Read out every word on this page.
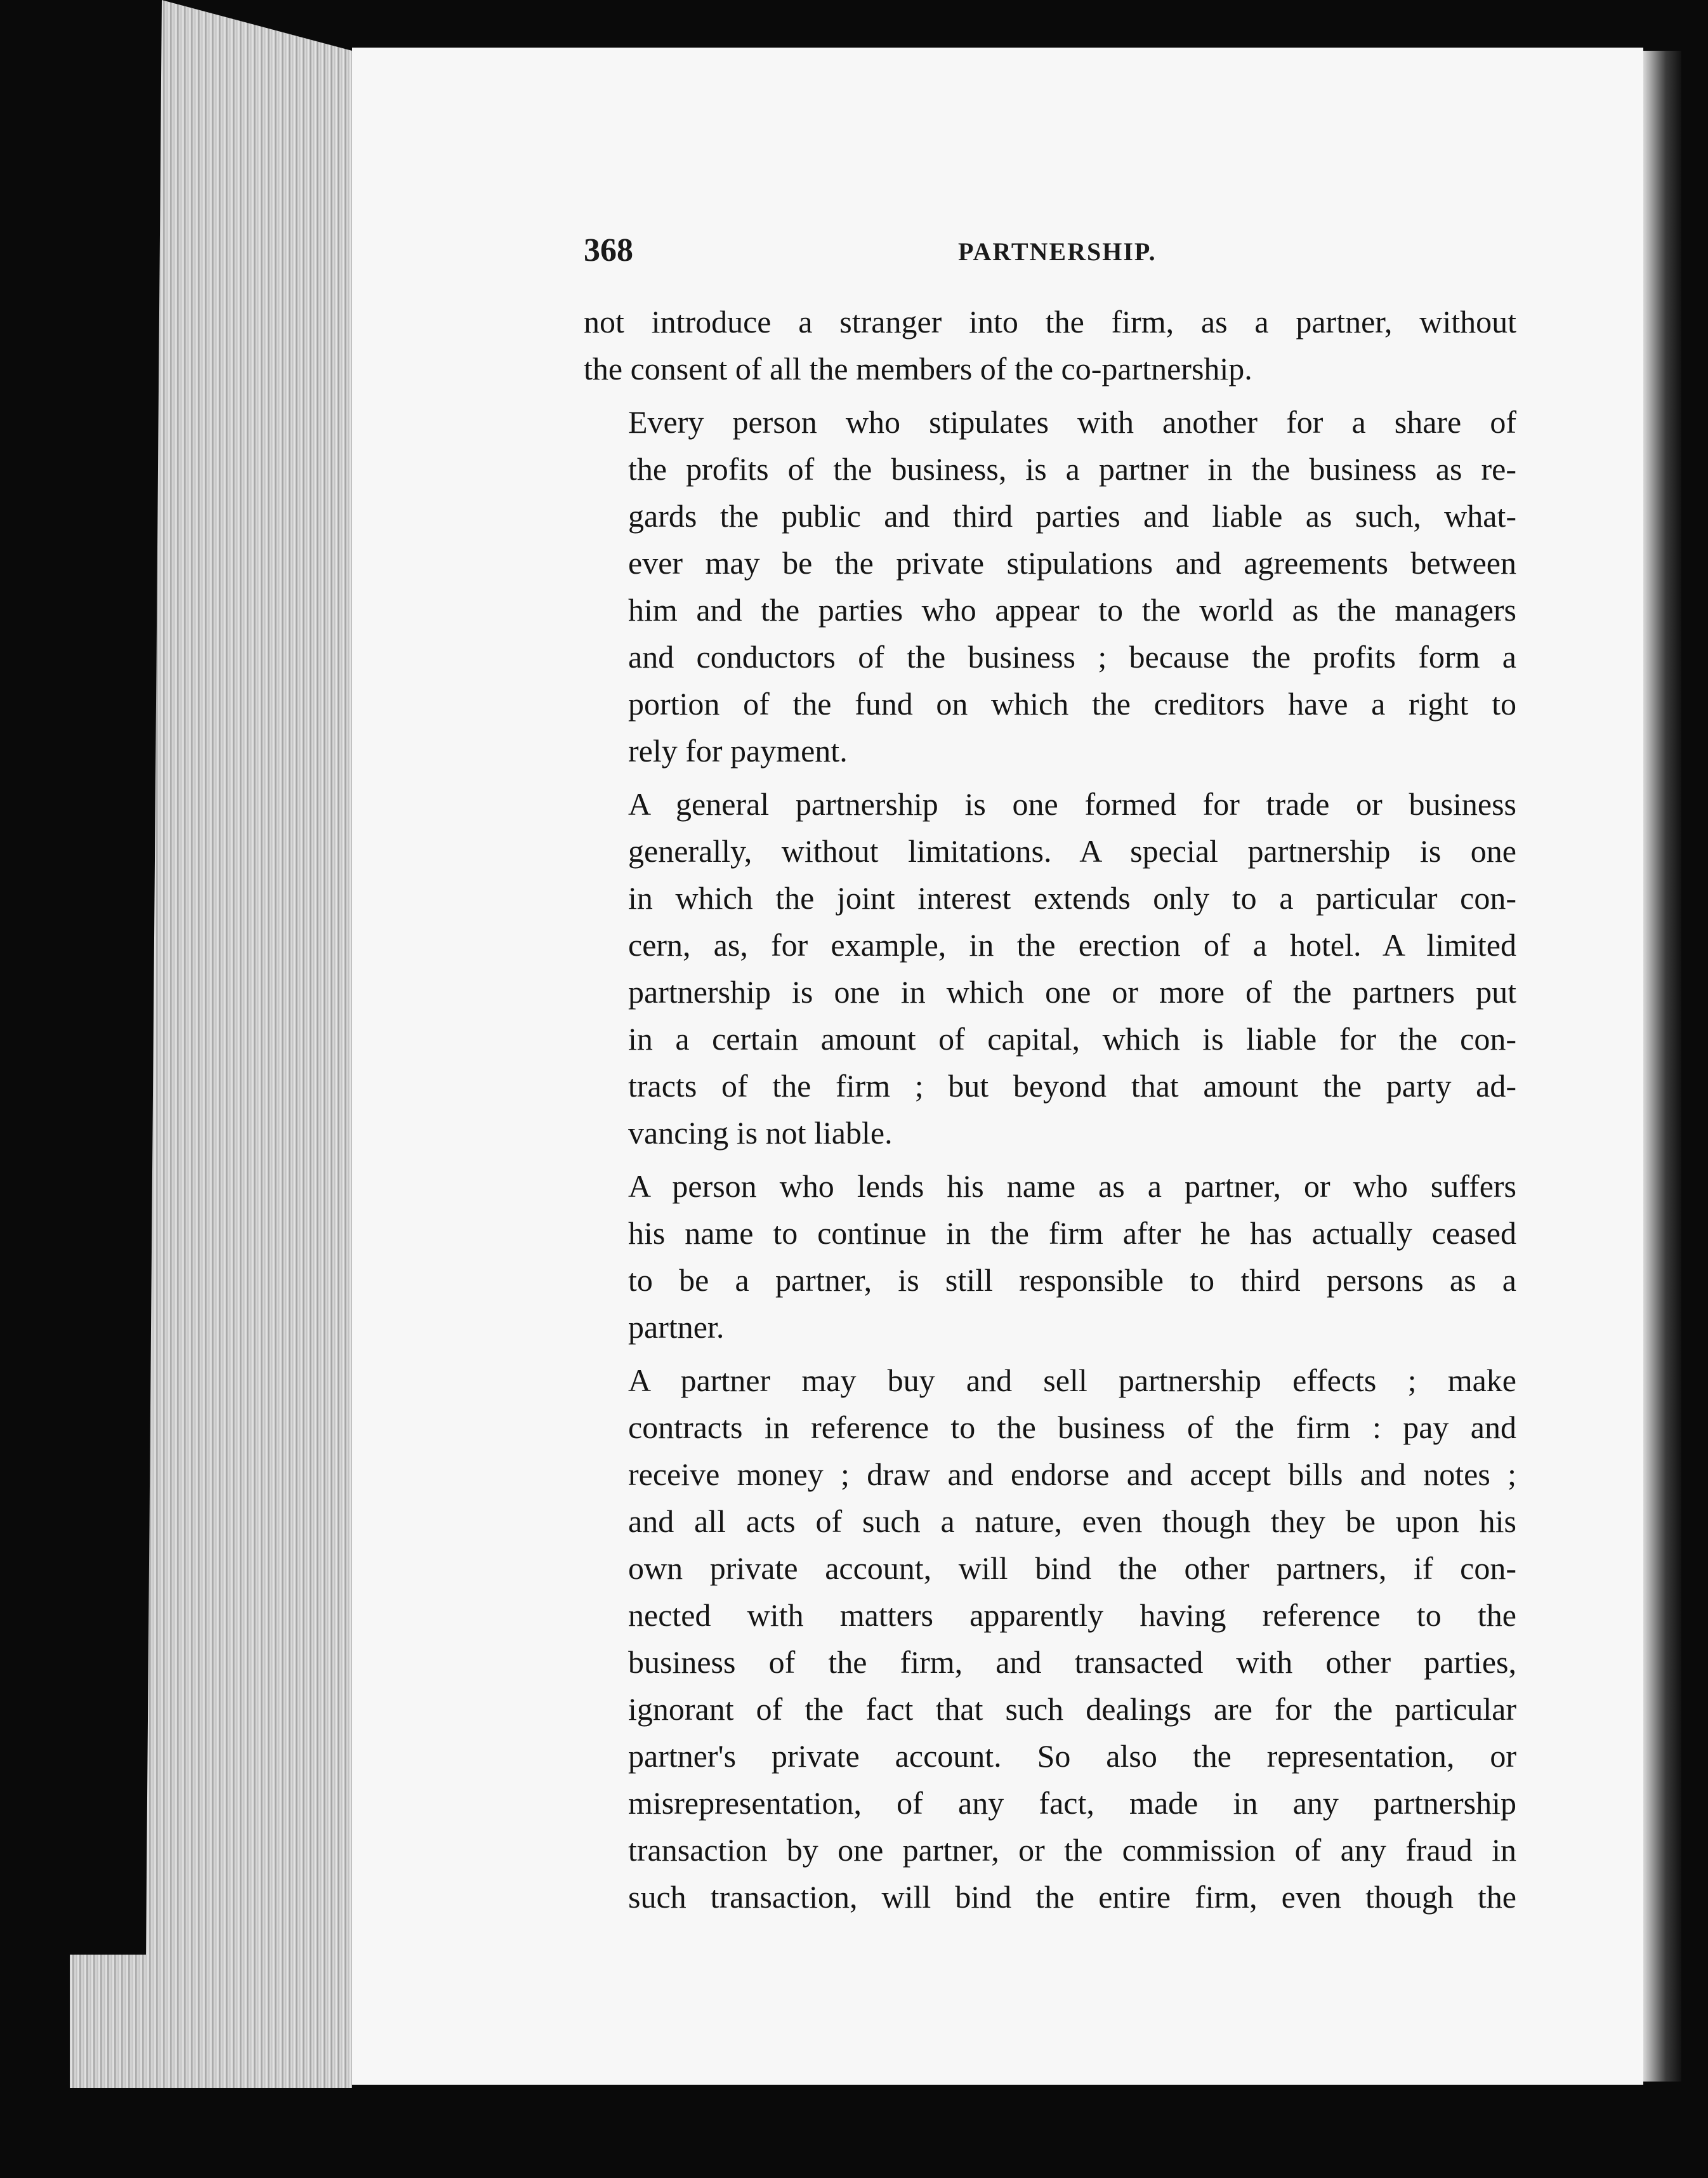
368	PARTNERSHIP.

not introduce a stranger into the firm, as a partner, without
the consent of all the members of the co-partnership.

Every person who stipulates with another for a share of
the profits of the business, is a partner in the business as re-
gards the public and third parties and liable as such, what-
ever may be the private stipulations and agreements between
him and the parties who appear to the world as the managers
and conductors of the business ; because the profits form a
portion of the fund on which the creditors have a right to
rely for payment.

A general partnership is one formed for trade or business
generally, without limitations. A special partnership is one
in which the joint interest extends only to a particular con-
cern, as, for example, in the erection of a hotel. A limited
partnership is one in which one or more of the partners put
in a certain amount of capital, which is liable for the con-
tracts of the firm ; but beyond that amount the party ad-
vancing is not liable.

A person who lends his name as a partner, or who suffers
his name to continue in the firm after he has actually ceased
to be a partner, is still responsible to third persons as a
partner.

A partner may buy and sell partnership effects ; make
contracts in reference to the business of the firm : pay and
receive money ; draw and endorse and accept bills and notes ;
and all acts of such a nature, even though they be upon his
own private account, will bind the other partners, if con-
nected with matters apparently having reference to the
business of the firm, and transacted with other parties,
ignorant of the fact that such dealings are for the particular
partner's private account. So also the representation, or
misrepresentation, of any fact, made in any partnership
transaction by one partner, or the commission of any fraud in
such transaction, will bind the entire firm, even though the
